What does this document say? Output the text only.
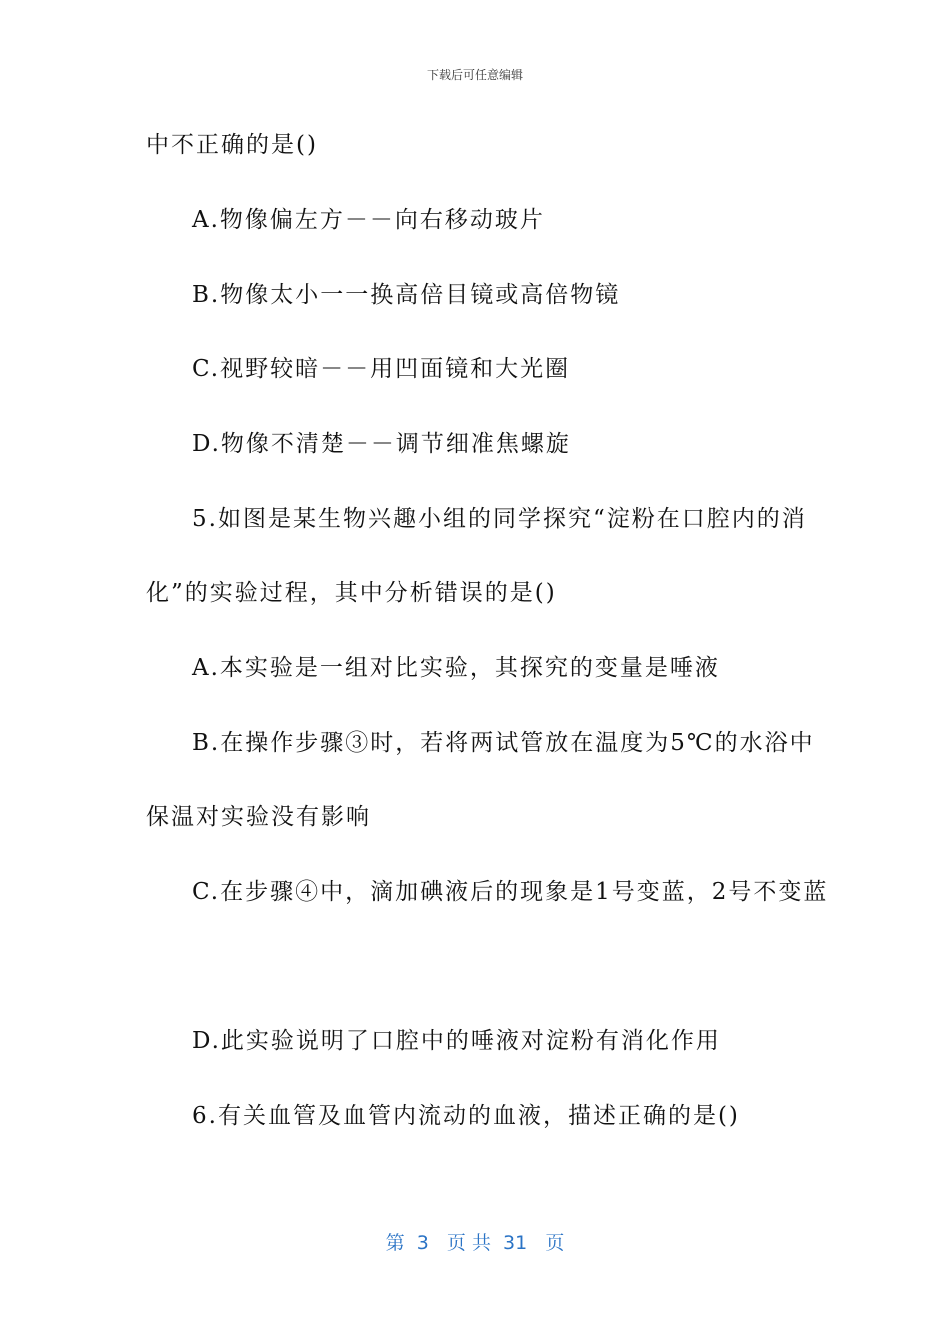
下载后可任意编辑
中不正确的是()
A.物像偏左方－－向右移动玻片
B.物像太小一一换高倍目镜或高倍物镜
C.视野较暗－－用凹面镜和大光圈
D.物像不清楚－－调节细准焦螺旋
5.如图是某生物兴趣小组的同学探究“淀粉在口腔内的消
化”的实验过程，其中分析错误的是()
A.本实验是一组对比实验，其探究的变量是唾液
B.在操作步骤③时，若将两试管放在温度为5℃的水浴中
保温对实验没有影响
C.在步骤④中，滴加碘液后的现象是1号变蓝，2号不变蓝
D.此实验说明了口腔中的唾液对淀粉有消化作用
6.有关血管及血管内流动的血液，描述正确的是()
第  3   页 共  31   页
